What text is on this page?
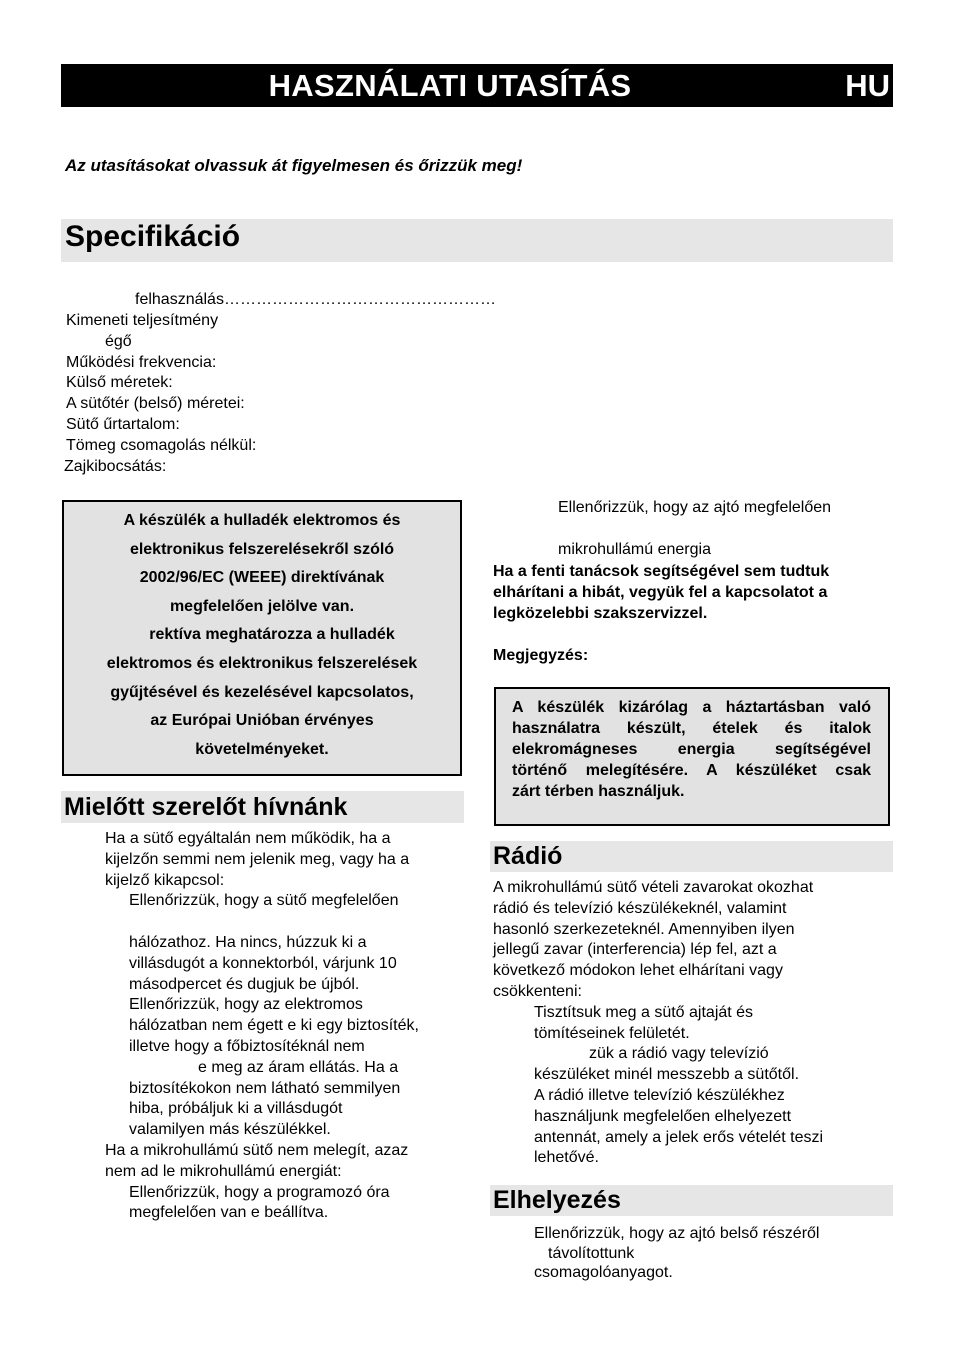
HASZNÁLATI UTASÍTÁS	HU
Az utasításokat olvassuk át figyelmesen és őrizzük meg!
Specifikáció
felhasználás……………………………………………
Kimeneti teljesítmény
égő
Működési frekvencia:
Külső méretek:
A sütőtér (belső) méretei:
Sütő űrtartalom:
Tömeg csomagolás nélkül:
Zajkibocsátás:
A készülék a hulladék elektromos és
elektronikus felszerelésekről szóló
2002/96/EC (WEEE) direktívának
megfelelően jelölve van.
rektíva meghatározza a hulladék
elektromos és elektronikus felszerelések
gyűjtésével és kezelésével kapcsolatos,
az Európai Unióban érvényes
követelményeket.
Mielőtt szerelőt hívnánk
Ha a sütő egyáltalán nem működik, ha a
kijelzőn semmi nem jelenik meg, vagy ha a
kijelző kikapcsol:
Ellenőrizzük, hogy a sütő megfelelően
hálózathoz. Ha nincs, húzzuk ki a
villásdugót a konnektorból, várjunk 10
másodpercet és dugjuk be újból.
Ellenőrizzük, hogy az elektromos
hálózatban nem égett e ki egy biztosíték,
illetve hogy a főbiztosítéknál nem
e meg az áram ellátás. Ha a
biztosítékokon nem látható semmilyen
hiba, próbáljuk ki a villásdugót
valamilyen más készülékkel.
Ha a mikrohullámú sütő nem melegít, azaz
nem ad le mikrohullámú energiát:
Ellenőrizzük, hogy a programozó óra
megfelelően van e beállítva.
Ellenőrizzük, hogy az ajtó megfelelően
mikrohullámú energia
Ha a fenti tanácsok segítségével sem tudtuk
elhárítani a hibát, vegyük fel a kapcsolatot a
legközelebbi szakszervizzel.
Megjegyzés:
A készülék kizárólag a háztartásban való
használatra készült, ételek és italok
elekromágneses energia segítségével
történő melegítésére. A készüléket csak
zárt térben használjuk.
Rádió
A mikrohullámú sütő vételi zavarokat okozhat
rádió és televízió készülékeknél, valamint
hasonló szerkezeteknél. Amennyiben ilyen
jellegű zavar (interferencia) lép fel, azt a
következő módokon lehet elhárítani vagy
csökkenteni:
Tisztítsuk meg a sütő ajtaját és
tömítéseinek felületét.
zük a rádió vagy televízió
készüléket minél messzebb a sütőtől.
A rádió illetve televízió készülékhez
használjunk megfelelően elhelyezett
antennát, amely a jelek erős vételét teszi
lehetővé.
Elhelyezés
Ellenőrizzük, hogy az ajtó belső részéről
távolítottunk
csomagolóanyagot.
